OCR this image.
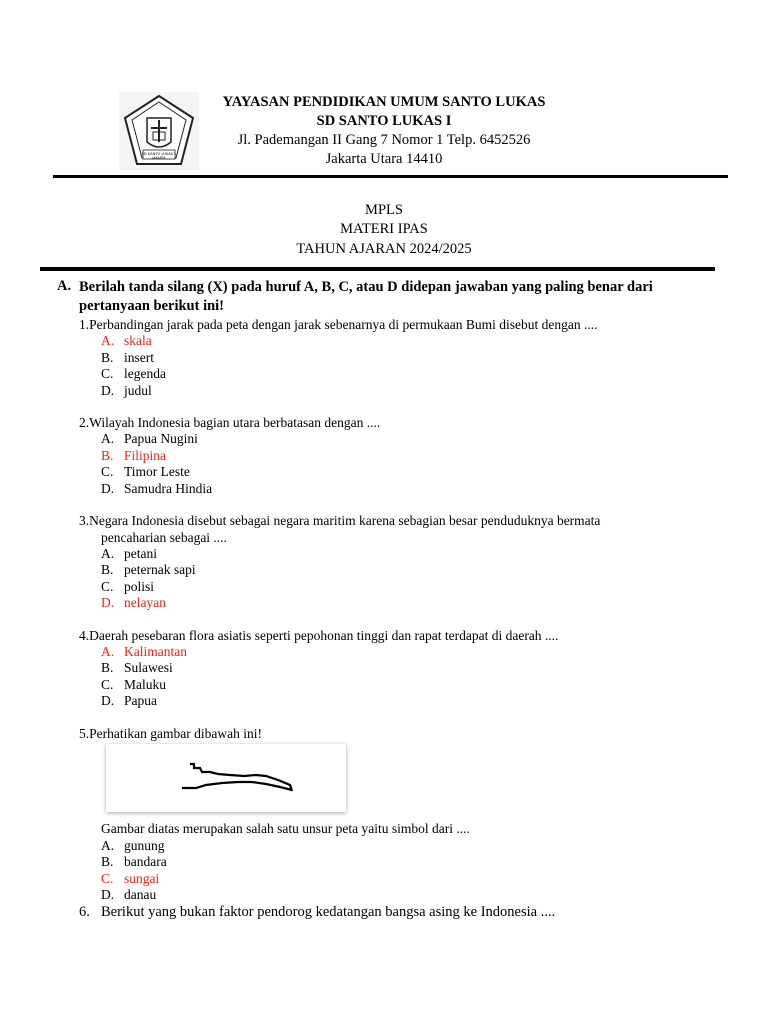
SD SANTO LUKAS 1
JAKARTA
YAYASAN PENDIDIKAN UMUM SANTO LUKAS
SD SANTO LUKAS I
Jl. Pademangan II Gang 7 Nomor 1 Telp. 6452526
Jakarta Utara 14410
MPLS
MATERI IPAS
TAHUN AJARAN 2024/2025
A. Berilah tanda silang (X) pada huruf A, B, C, atau D didepan jawaban yang paling benar dari pertanyaan berikut ini!
1.Perbandingan jarak pada peta dengan jarak sebenarnya di permukaan Bumi disebut dengan ....
A. skala
B. insert
C. legenda
D. judul
2.Wilayah Indonesia bagian utara berbatasan dengan ....
A. Papua Nugini
B. Filipina
C. Timor Leste
D. Samudra Hindia
3.Negara Indonesia disebut sebagai negara maritim karena sebagian besar penduduknya bermata
pencaharian sebagai ....
A. petani
B. peternak sapi
C. polisi
D. nelayan
4.Daerah pesebaran flora asiatis seperti pepohonan tinggi dan rapat terdapat di daerah ....
A. Kalimantan
B. Sulawesi
C. Maluku
D. Papua
5.Perhatikan gambar dibawah ini!
Gambar diatas merupakan salah satu unsur peta yaitu simbol dari ....
A. gunung
B. bandara
C. sungai
D. danau
6. Berikut yang bukan faktor pendorog kedatangan bangsa asing ke Indonesia ....
